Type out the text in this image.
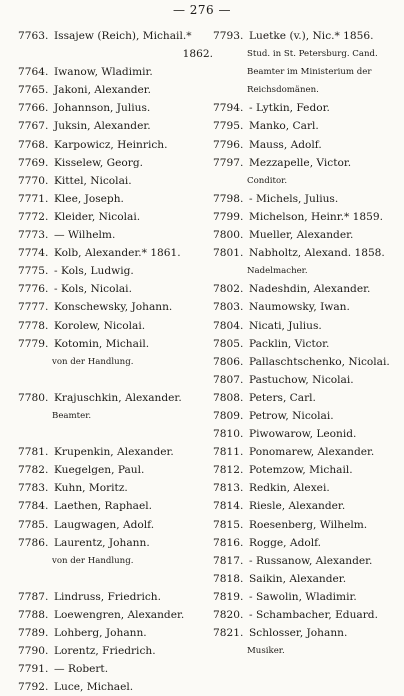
— 276 —
7763. Issajew (Reich), Michail.*
1862.
7764. Iwanow, Wladimir.
7765. Jakoni, Alexander.
7766. Johannson, Julius.
7767. Juksin, Alexander.
7768. Karpowicz, Heinrich.
7769. Kisselew, Georg.
7770. Kittel, Nicolai.
7771. Klee, Joseph.
7772. Kleider, Nicolai.
7773. — Wilhelm.
7774. Kolb, Alexander.* 1861.
7775. - Kols, Ludwig.
7776. - Kols, Nicolai.
7777. Konschewsky, Johann.
7778. Korolew, Nicolai.
7779. Kotomin, Michail.
von der Handlung.
7780. Krajuschkin, Alexander.
Beamter.
7781. Krupenkin, Alexander.
7782. Kuegelgen, Paul.
7783. Kuhn, Moritz.
7784. Laethen, Raphael.
7785. Laugwagen, Adolf.
7786. Laurentz, Johann.
von der Handlung.
7787. Lindruss, Friedrich.
7788. Loewengren, Alexander.
7789. Lohberg, Johann.
7790. Lorentz, Friedrich.
7791. — Robert.
7792. Luce, Michael.
7793. Luetke (v.), Nic.* 1856.
Stud. in St. Petersburg. Cand.
Beamter im Ministerium der
Reichsdomänen.
7794. - Lytkin, Fedor.
7795. Manko, Carl.
7796. Mauss, Adolf.
7797. Mezzapelle, Victor.
Conditor.
7798. - Michels, Julius.
7799. Michelson, Heinr.* 1859.
7800. Mueller, Alexander.
7801. Nabholtz, Alexand. 1858.
Nadelmacher.
7802. Nadeshdin, Alexander.
7803. Naumowsky, Iwan.
7804. Nicati, Julius.
7805. Packlin, Victor.
7806. Pallaschtschenko, Nicolai.
7807. Pastuchow, Nicolai.
7808. Peters, Carl.
7809. Petrow, Nicolai.
7810. Piwowarow, Leonid.
7811. Ponomarew, Alexander.
7812. Potemzow, Michail.
7813. Redkin, Alexei.
7814. Riesle, Alexander.
7815. Roesenberg, Wilhelm.
7816. Rogge, Adolf.
7817. - Russanow, Alexander.
7818. Saikin, Alexander.
7819. - Sawolin, Wladimir.
7820. - Schambacher, Eduard.
7821. Schlosser, Johann.
Musiker.
